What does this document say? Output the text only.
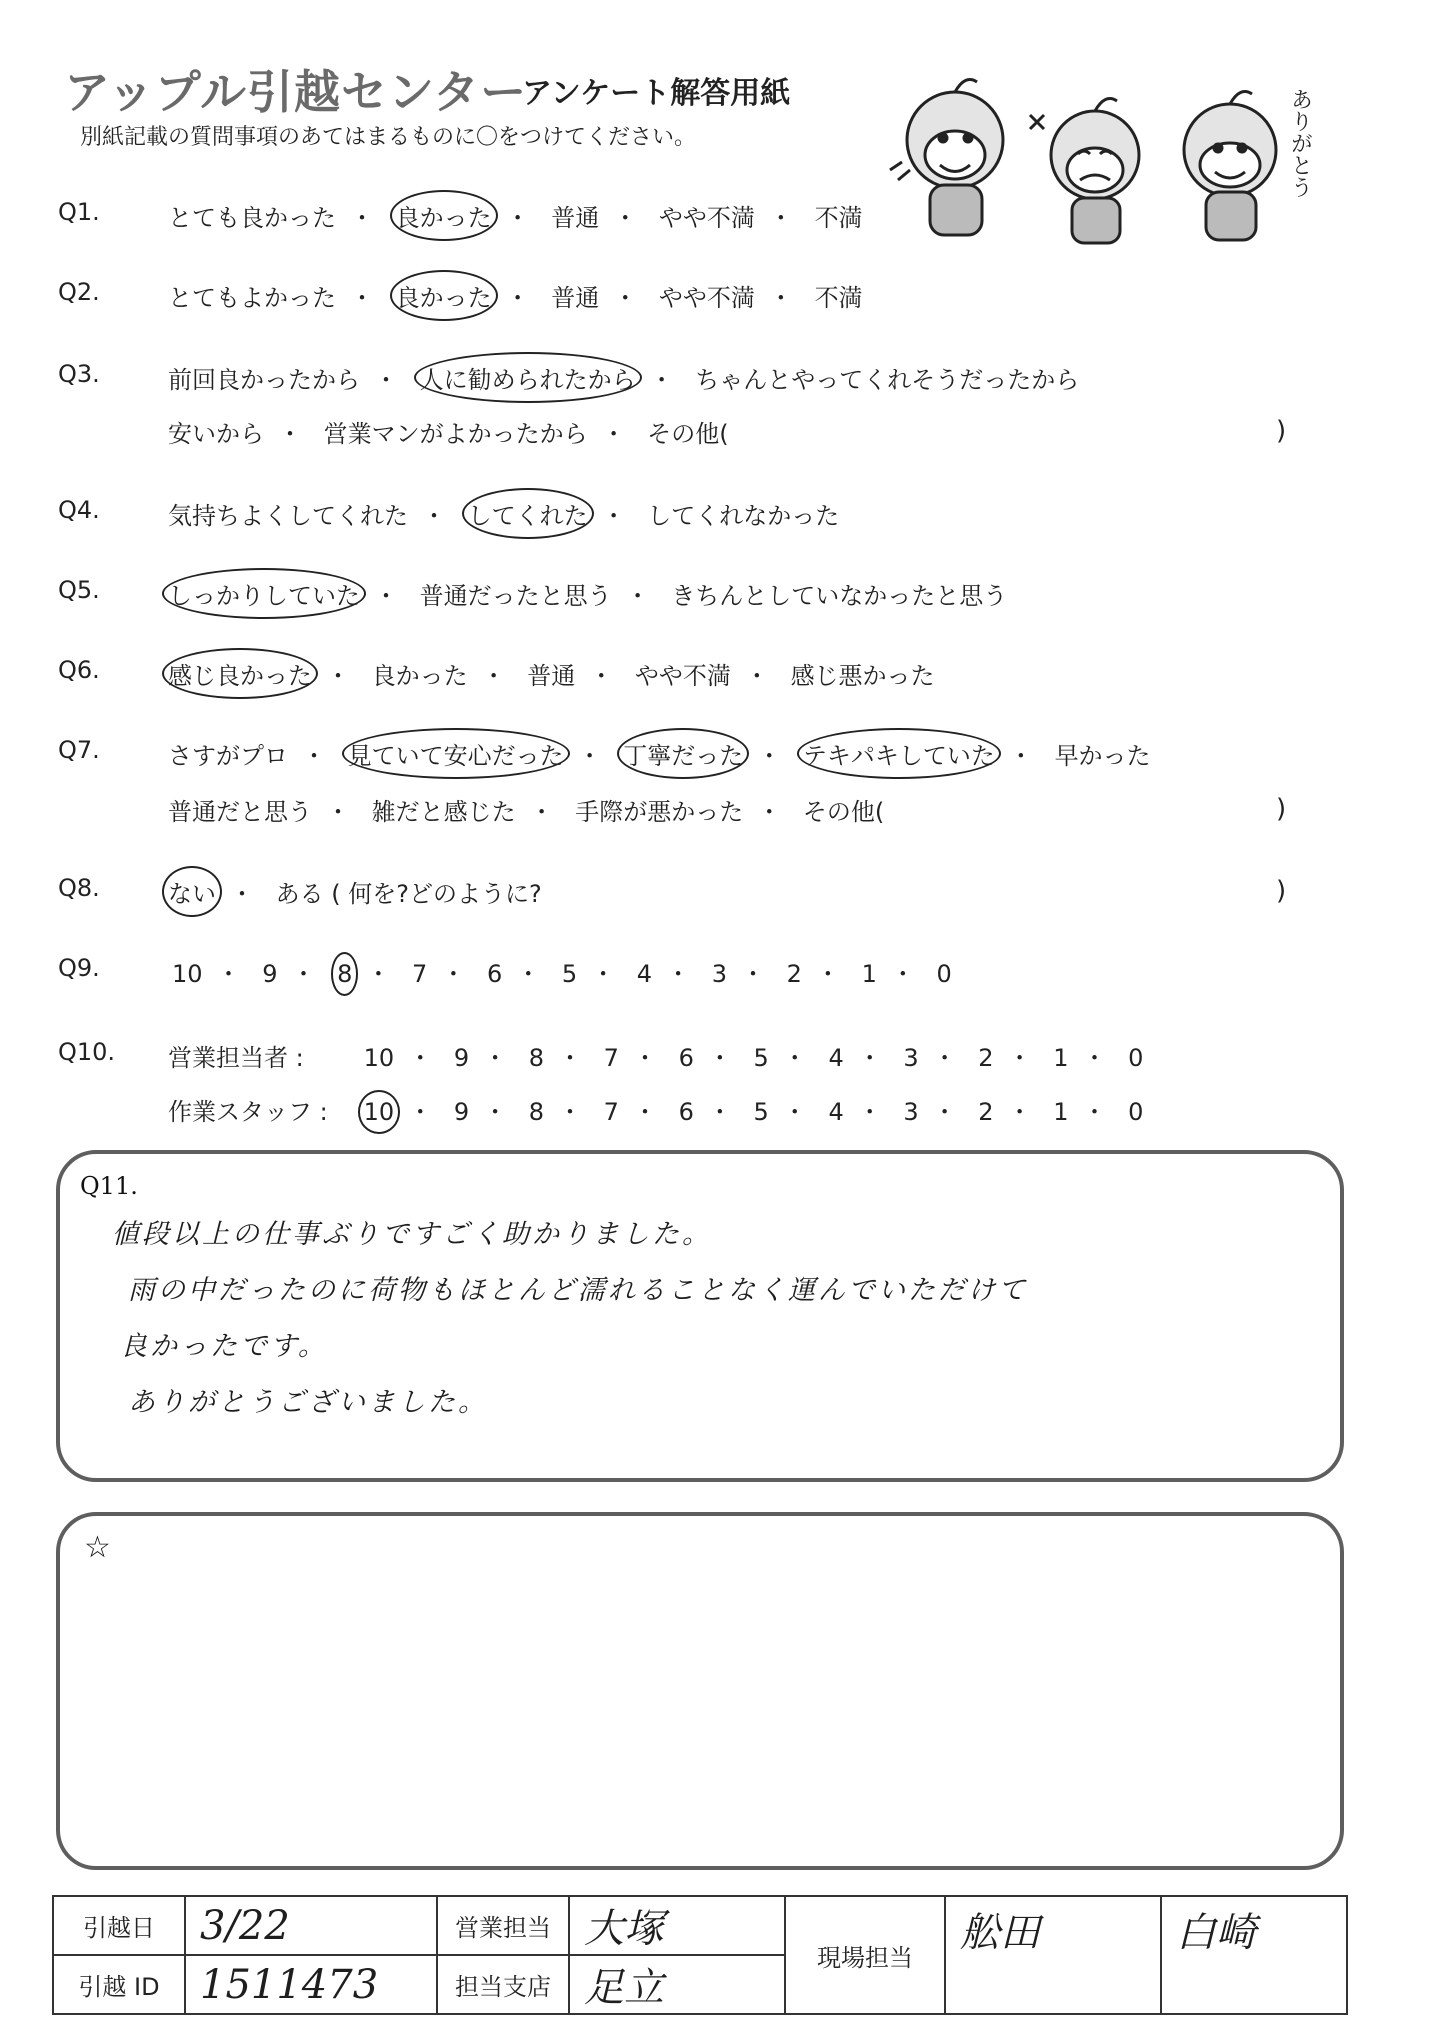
アップル引越センター
アンケート解答用紙
別紙記載の質問事項のあてはまるものに〇をつけてください。	ありがとう
Q1.	とても良かった ・ 良かった ・ 普通 ・ やや不満 ・ 不満
Q2.	とてもよかった ・ 良かった ・ 普通 ・ やや不満 ・ 不満
Q3.	前回良かったから ・ 人に勧められたから ・ ちゃんとやってくれそうだったから
安いから ・ 営業マンがよかったから ・ その他(	)
Q4.	気持ちよくしてくれた ・ してくれた ・ してくれなかった
Q5.	しっかりしていた ・ 普通だったと思う ・ きちんとしていなかったと思う
Q6.	感じ良かった ・ 良かった ・ 普通 ・ やや不満 ・ 感じ悪かった
Q7.	さすがプロ ・ 見ていて安心だった ・ 丁寧だった ・ テキパキしていた ・ 早かった
普通だと思う ・ 雑だと感じた ・ 手際が悪かった ・ その他(	)
Q8.	ない ・ ある ( 何を?どのように?	)
Q9.	10 ・ 9 ・ 8 ・ 7 ・ 6 ・ 5 ・ 4 ・ 3 ・ 2 ・ 1 ・ 0
Q10. 営業担当者 : 10 ・ 9 ・ 8 ・ 7 ・ 6 ・ 5 ・ 4 ・ 3 ・ 2 ・ 1 ・ 0
作業スタッフ : 10 ・ 9 ・ 8 ・ 7 ・ 6 ・ 5 ・ 4 ・ 3 ・ 2 ・ 1 ・ 0
Q11.
値段以上の仕事ぶりですごく助かりました。
雨の中だったのに荷物もほとんど濡れることなく運んでいただけて
良かったです。
ありがとうございました。
☆
引越日	3/22	営業担当	大塚	現場担当	舩田	白崎
引越 ID	1511473	担当支店	足立			
